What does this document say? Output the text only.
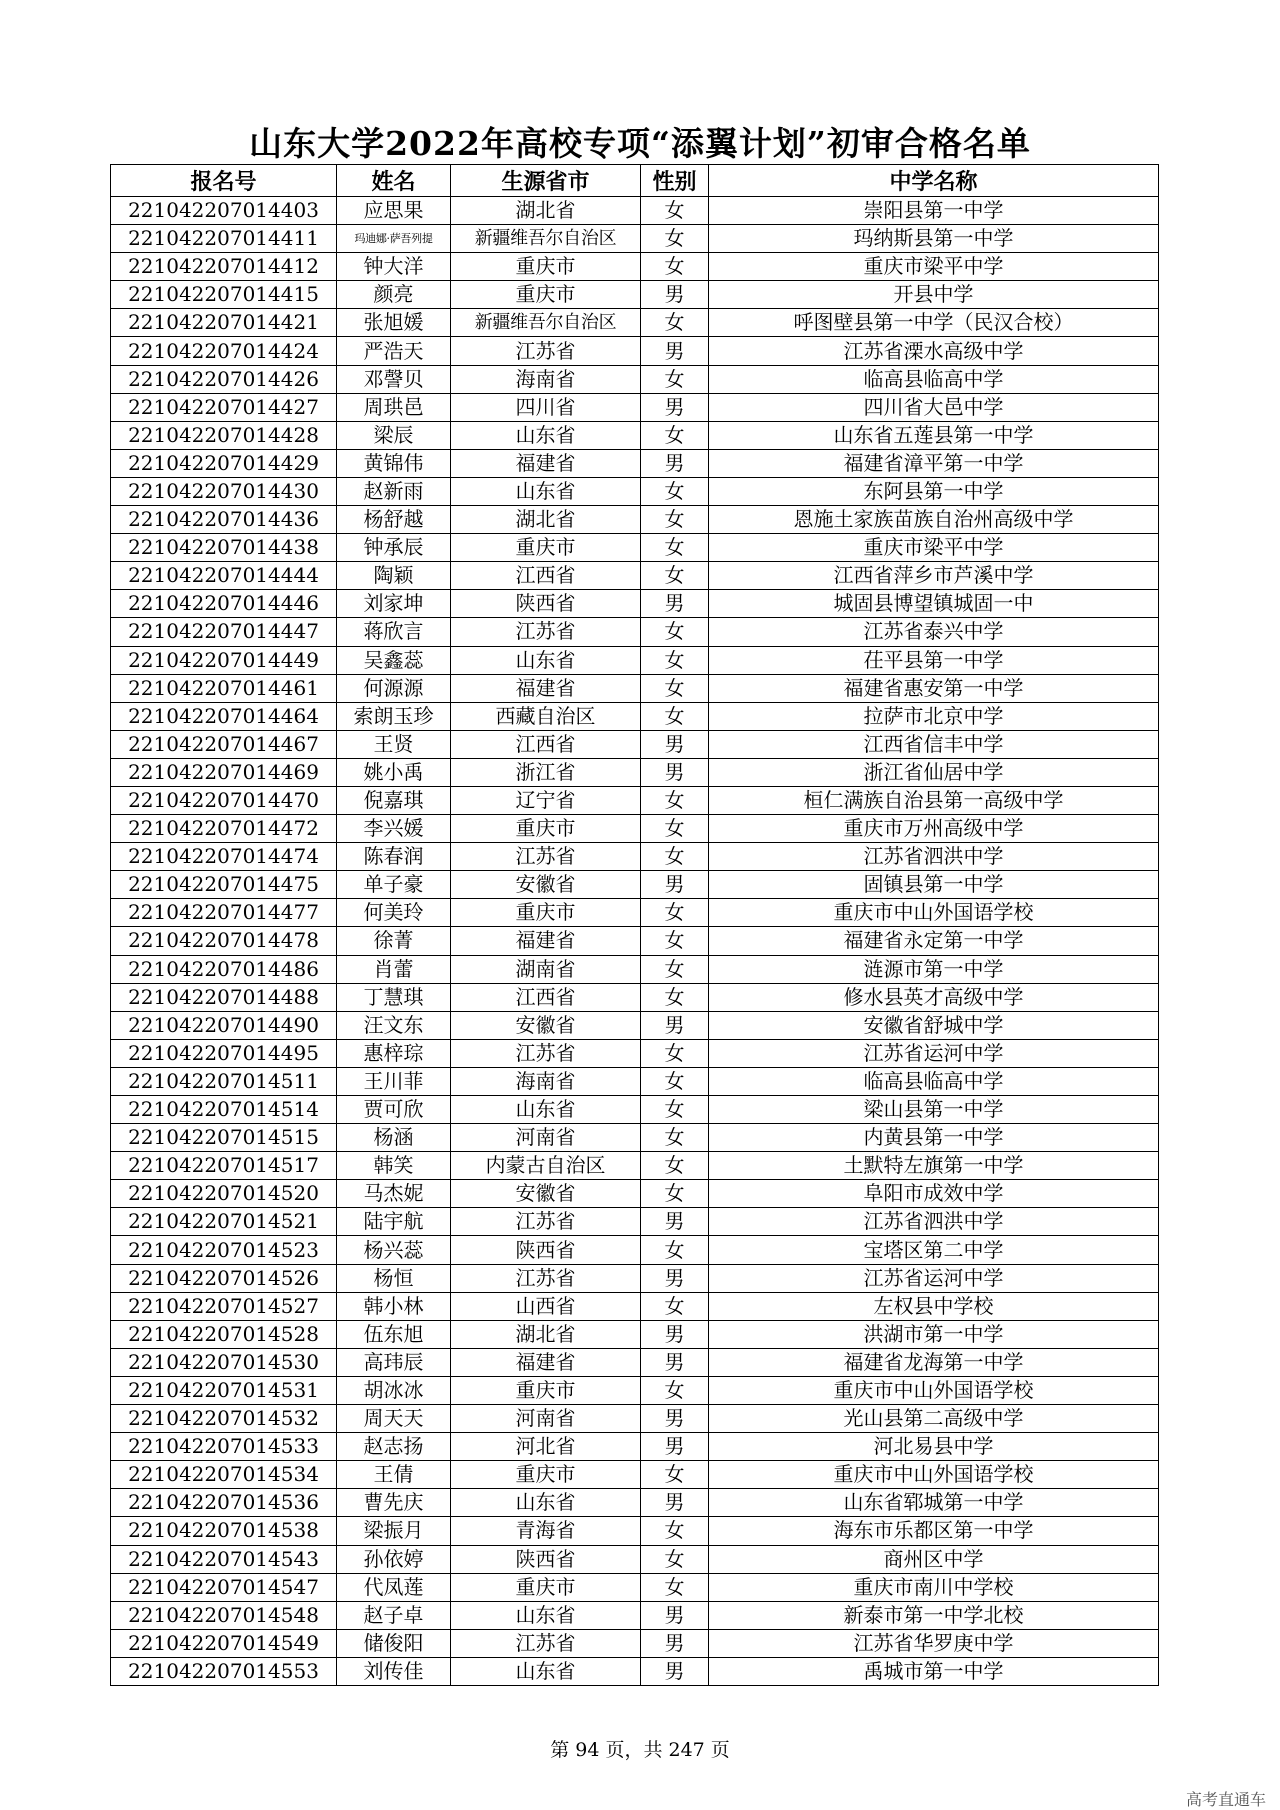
山东大学2022年高校专项“添翼计划”初审合格名单
报名号	姓名	生源省市	性别	中学名称
221042207014403	应思果	湖北省	女	崇阳县第一中学
221042207014411	玛迪娜·萨吾列提	新疆维吾尔自治区	女	玛纳斯县第一中学
221042207014412	钟大洋	重庆市	女	重庆市梁平中学
221042207014415	颜亮	重庆市	男	开县中学
221042207014421	张旭媛	新疆维吾尔自治区	女	呼图壁县第一中学（民汉合校）
221042207014424	严浩天	江苏省	男	江苏省溧水高级中学
221042207014426	邓謦贝	海南省	女	临高县临高中学
221042207014427	周珙邑	四川省	男	四川省大邑中学
221042207014428	梁辰	山东省	女	山东省五莲县第一中学
221042207014429	黄锦伟	福建省	男	福建省漳平第一中学
221042207014430	赵新雨	山东省	女	东阿县第一中学
221042207014436	杨舒越	湖北省	女	恩施土家族苗族自治州高级中学
221042207014438	钟承辰	重庆市	女	重庆市梁平中学
221042207014444	陶颖	江西省	女	江西省萍乡市芦溪中学
221042207014446	刘家坤	陕西省	男	城固县博望镇城固一中
221042207014447	蒋欣言	江苏省	女	江苏省泰兴中学
221042207014449	吴鑫蕊	山东省	女	茌平县第一中学
221042207014461	何源源	福建省	女	福建省惠安第一中学
221042207014464	索朗玉珍	西藏自治区	女	拉萨市北京中学
221042207014467	王贤	江西省	男	江西省信丰中学
221042207014469	姚小禹	浙江省	男	浙江省仙居中学
221042207014470	倪嘉琪	辽宁省	女	桓仁满族自治县第一高级中学
221042207014472	李兴媛	重庆市	女	重庆市万州高级中学
221042207014474	陈春润	江苏省	女	江苏省泗洪中学
221042207014475	单子豪	安徽省	男	固镇县第一中学
221042207014477	何美玲	重庆市	女	重庆市中山外国语学校
221042207014478	徐菁	福建省	女	福建省永定第一中学
221042207014486	肖蕾	湖南省	女	涟源市第一中学
221042207014488	丁慧琪	江西省	女	修水县英才高级中学
221042207014490	汪文东	安徽省	男	安徽省舒城中学
221042207014495	惠梓琮	江苏省	女	江苏省运河中学
221042207014511	王川菲	海南省	女	临高县临高中学
221042207014514	贾可欣	山东省	女	梁山县第一中学
221042207014515	杨涵	河南省	女	内黄县第一中学
221042207014517	韩笑	内蒙古自治区	女	土默特左旗第一中学
221042207014520	马杰妮	安徽省	女	阜阳市成效中学
221042207014521	陆宇航	江苏省	男	江苏省泗洪中学
221042207014523	杨兴蕊	陕西省	女	宝塔区第二中学
221042207014526	杨恒	江苏省	男	江苏省运河中学
221042207014527	韩小林	山西省	女	左权县中学校
221042207014528	伍东旭	湖北省	男	洪湖市第一中学
221042207014530	高玮辰	福建省	男	福建省龙海第一中学
221042207014531	胡冰冰	重庆市	女	重庆市中山外国语学校
221042207014532	周天天	河南省	男	光山县第二高级中学
221042207014533	赵志扬	河北省	男	河北易县中学
221042207014534	王倩	重庆市	女	重庆市中山外国语学校
221042207014536	曹先庆	山东省	男	山东省郓城第一中学
221042207014538	梁振月	青海省	女	海东市乐都区第一中学
221042207014543	孙依婷	陕西省	女	商州区中学
221042207014547	代凤莲	重庆市	女	重庆市南川中学校
221042207014548	赵子卓	山东省	男	新泰市第一中学北校
221042207014549	储俊阳	江苏省	男	江苏省华罗庚中学
221042207014553	刘传佳	山东省	男	禹城市第一中学
第 94 页，共 247 页
高考直通车
